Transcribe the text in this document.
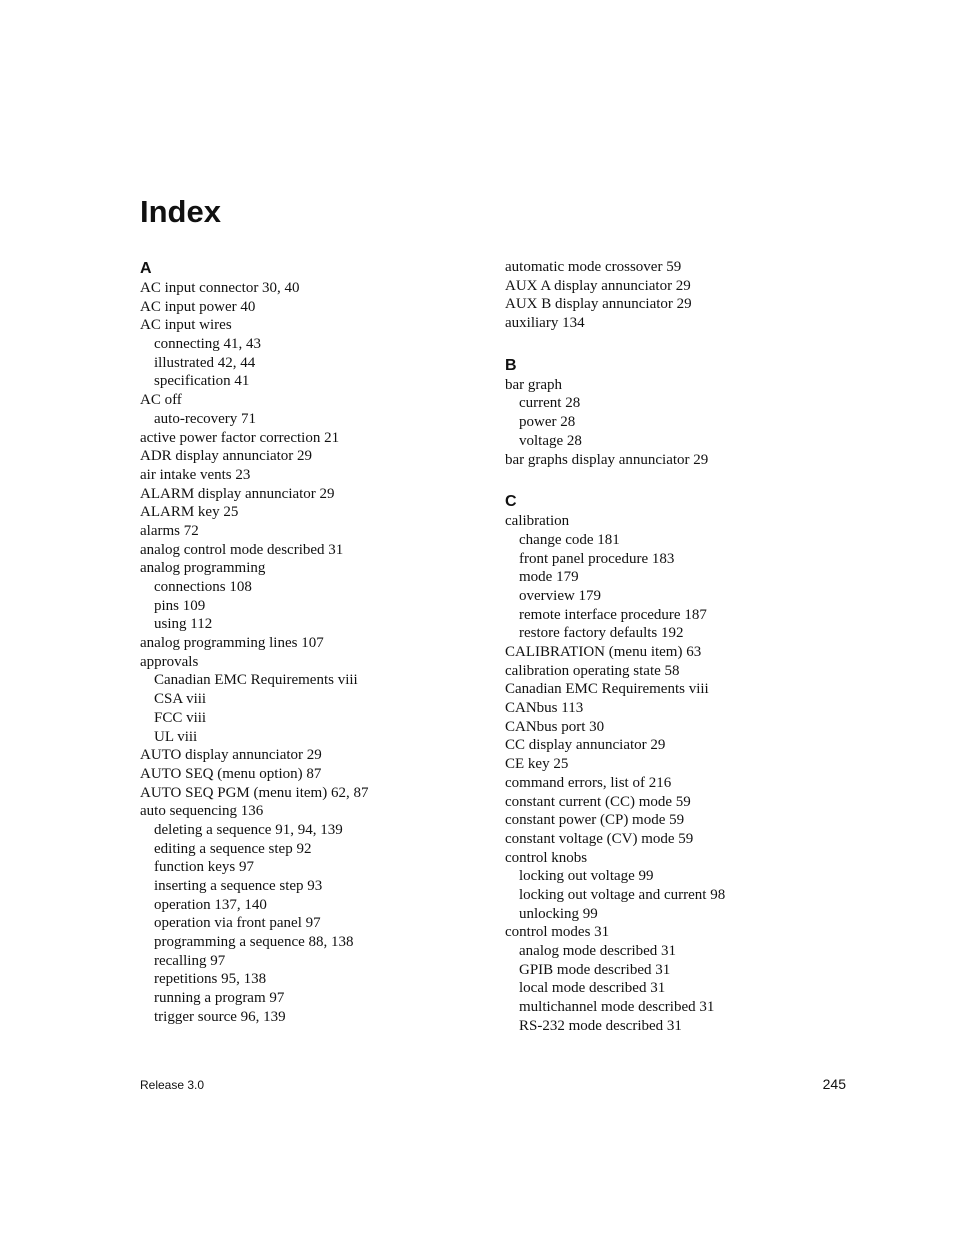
Index
A
AC input connector 30, 40
AC input power 40
AC input wires
connecting 41, 43
illustrated 42, 44
specification 41
AC off
auto-recovery 71
active power factor correction 21
ADR display annunciator 29
air intake vents 23
ALARM display annunciator 29
ALARM key 25
alarms 72
analog control mode described 31
analog programming
connections 108
pins 109
using 112
analog programming lines 107
approvals
Canadian EMC Requirements viii
CSA viii
FCC viii
UL viii
AUTO display annunciator 29
AUTO SEQ (menu option) 87
AUTO SEQ PGM (menu item) 62, 87
auto sequencing 136
deleting a sequence 91, 94, 139
editing a sequence step 92
function keys 97
inserting a sequence step 93
operation 137, 140
operation via front panel 97
programming a sequence 88, 138
recalling 97
repetitions 95, 138
running a program 97
trigger source 96, 139
automatic mode crossover 59
AUX A display annunciator 29
AUX B display annunciator 29
auxiliary 134
B
bar graph
current 28
power 28
voltage 28
bar graphs display annunciator 29
C
calibration
change code 181
front panel procedure 183
mode 179
overview 179
remote interface procedure 187
restore factory defaults 192
CALIBRATION (menu item) 63
calibration operating state 58
Canadian EMC Requirements viii
CANbus 113
CANbus port 30
CC display annunciator 29
CE key 25
command errors, list of 216
constant current (CC) mode 59
constant power (CP) mode 59
constant voltage (CV) mode 59
control knobs
locking out voltage 99
locking out voltage and current 98
unlocking 99
control modes 31
analog mode described 31
GPIB mode described 31
local mode described 31
multichannel mode described 31
RS-232 mode described 31
Release 3.0	245
